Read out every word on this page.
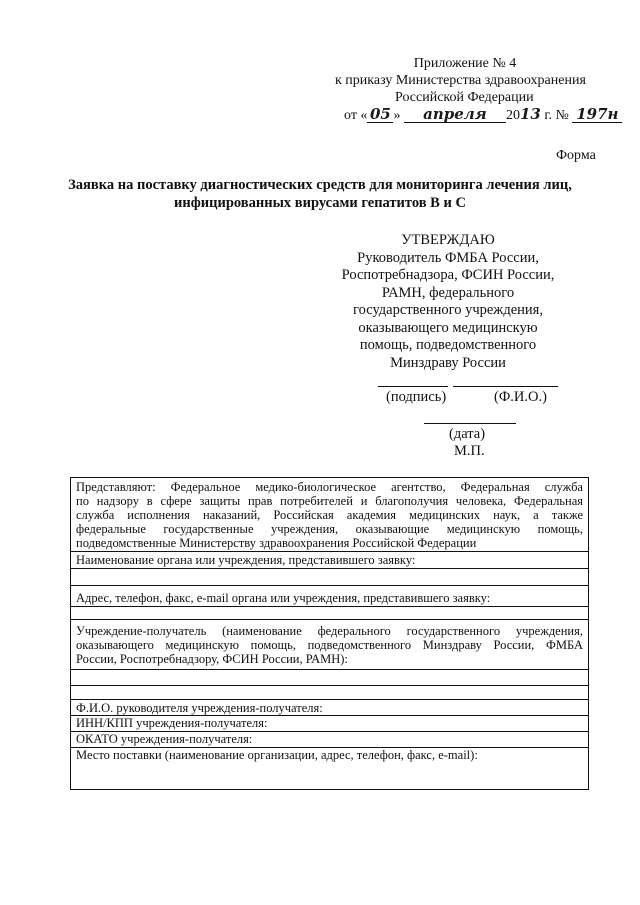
Приложение № 4
к приказу Министерства здравоохранения
Российской Федерации
от « 05 » апреля 2013 г. № 197н
Форма
Заявка на поставку диагностических средств для мониторинга лечения лиц,
инфицированных вирусами гепатитов В и С
УТВЕРЖДАЮ
Руководитель ФМБА России,
Роспотребнадзора, ФСИН России,
РАМН, федерального
государственного учреждения,
оказывающего медицинскую
помощь, подведомственного
Минздраву России
(подпись)	(Ф.И.О.)
(дата)
М.П.
Представляют: Федеральное медико-биологическое агентство, Федеральная служба
по надзору в сфере защиты прав потребителей и благополучия человека, Федеральная
служба исполнения наказаний, Российская академия медицинских наук, а также
федеральные государственные учреждения, оказывающие медицинскую помощь,
подведомственные Министерству здравоохранения Российской Федерации
Наименование органа или учреждения, представившего заявку:
Адрес, телефон, факс, e-mail органа или учреждения, представившего заявку:
Учреждение-получатель (наименование федерального государственного учреждения,
оказывающего медицинскую помощь, подведомственного Минздраву России, ФМБА
России, Роспотребнадзору, ФСИН России, РАМН):
Ф.И.О. руководителя учреждения-получателя:
ИНН/КПП учреждения-получателя:
ОКАТО учреждения-получателя:
Место поставки (наименование организации, адрес, телефон, факс, e-mail):
